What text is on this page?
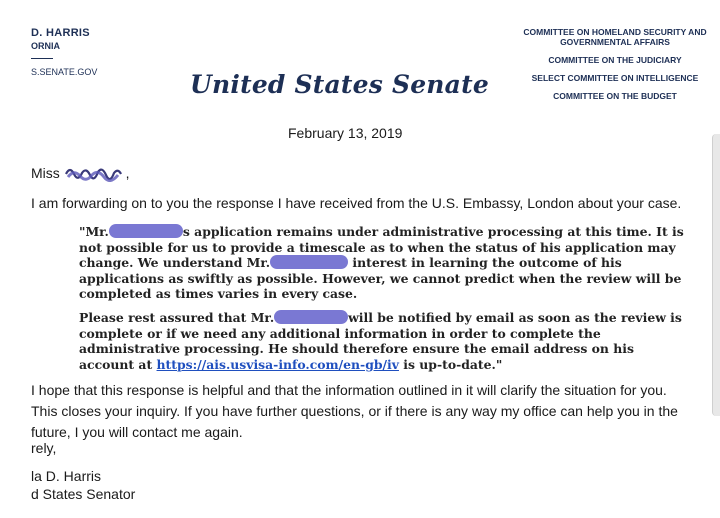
D. HARRIS
ORNIA
S.SENATE.GOV	United States Senate
COMMITTEE ON HOMELAND SECURITY AND GOVERNMENTAL AFFAIRS
COMMITTEE ON THE JUDICIARY
SELECT COMMITTEE ON INTELLIGENCE
COMMITTEE ON THE BUDGET
February 13, 2019
Miss	,
I am forwarding on to you the response I have received from the U.S. Embassy, London about your case.
"Mr.	s application remains under administrative processing at this time. It is not possible for us to provide a timescale as to when the status of his application may change. We understand Mr.	interest in learning the outcome of his applications as swiftly as possible. However, we cannot predict when the review will be completed as times varies in every case.
Please rest assured that Mr.	will be notified by email as soon as the review is complete or if we need any additional information in order to complete the administrative processing. He should therefore ensure the email address on his account at https://ais.usvisa-info.com/en-gb/iv is up-to-date."
I hope that this response is helpful and that the information outlined in it will clarify the situation for you. This closes your inquiry. If you have further questions, or if there is any way my office can help you in the future, I you will contact me again.
rely,
la D. Harris
d States Senator
